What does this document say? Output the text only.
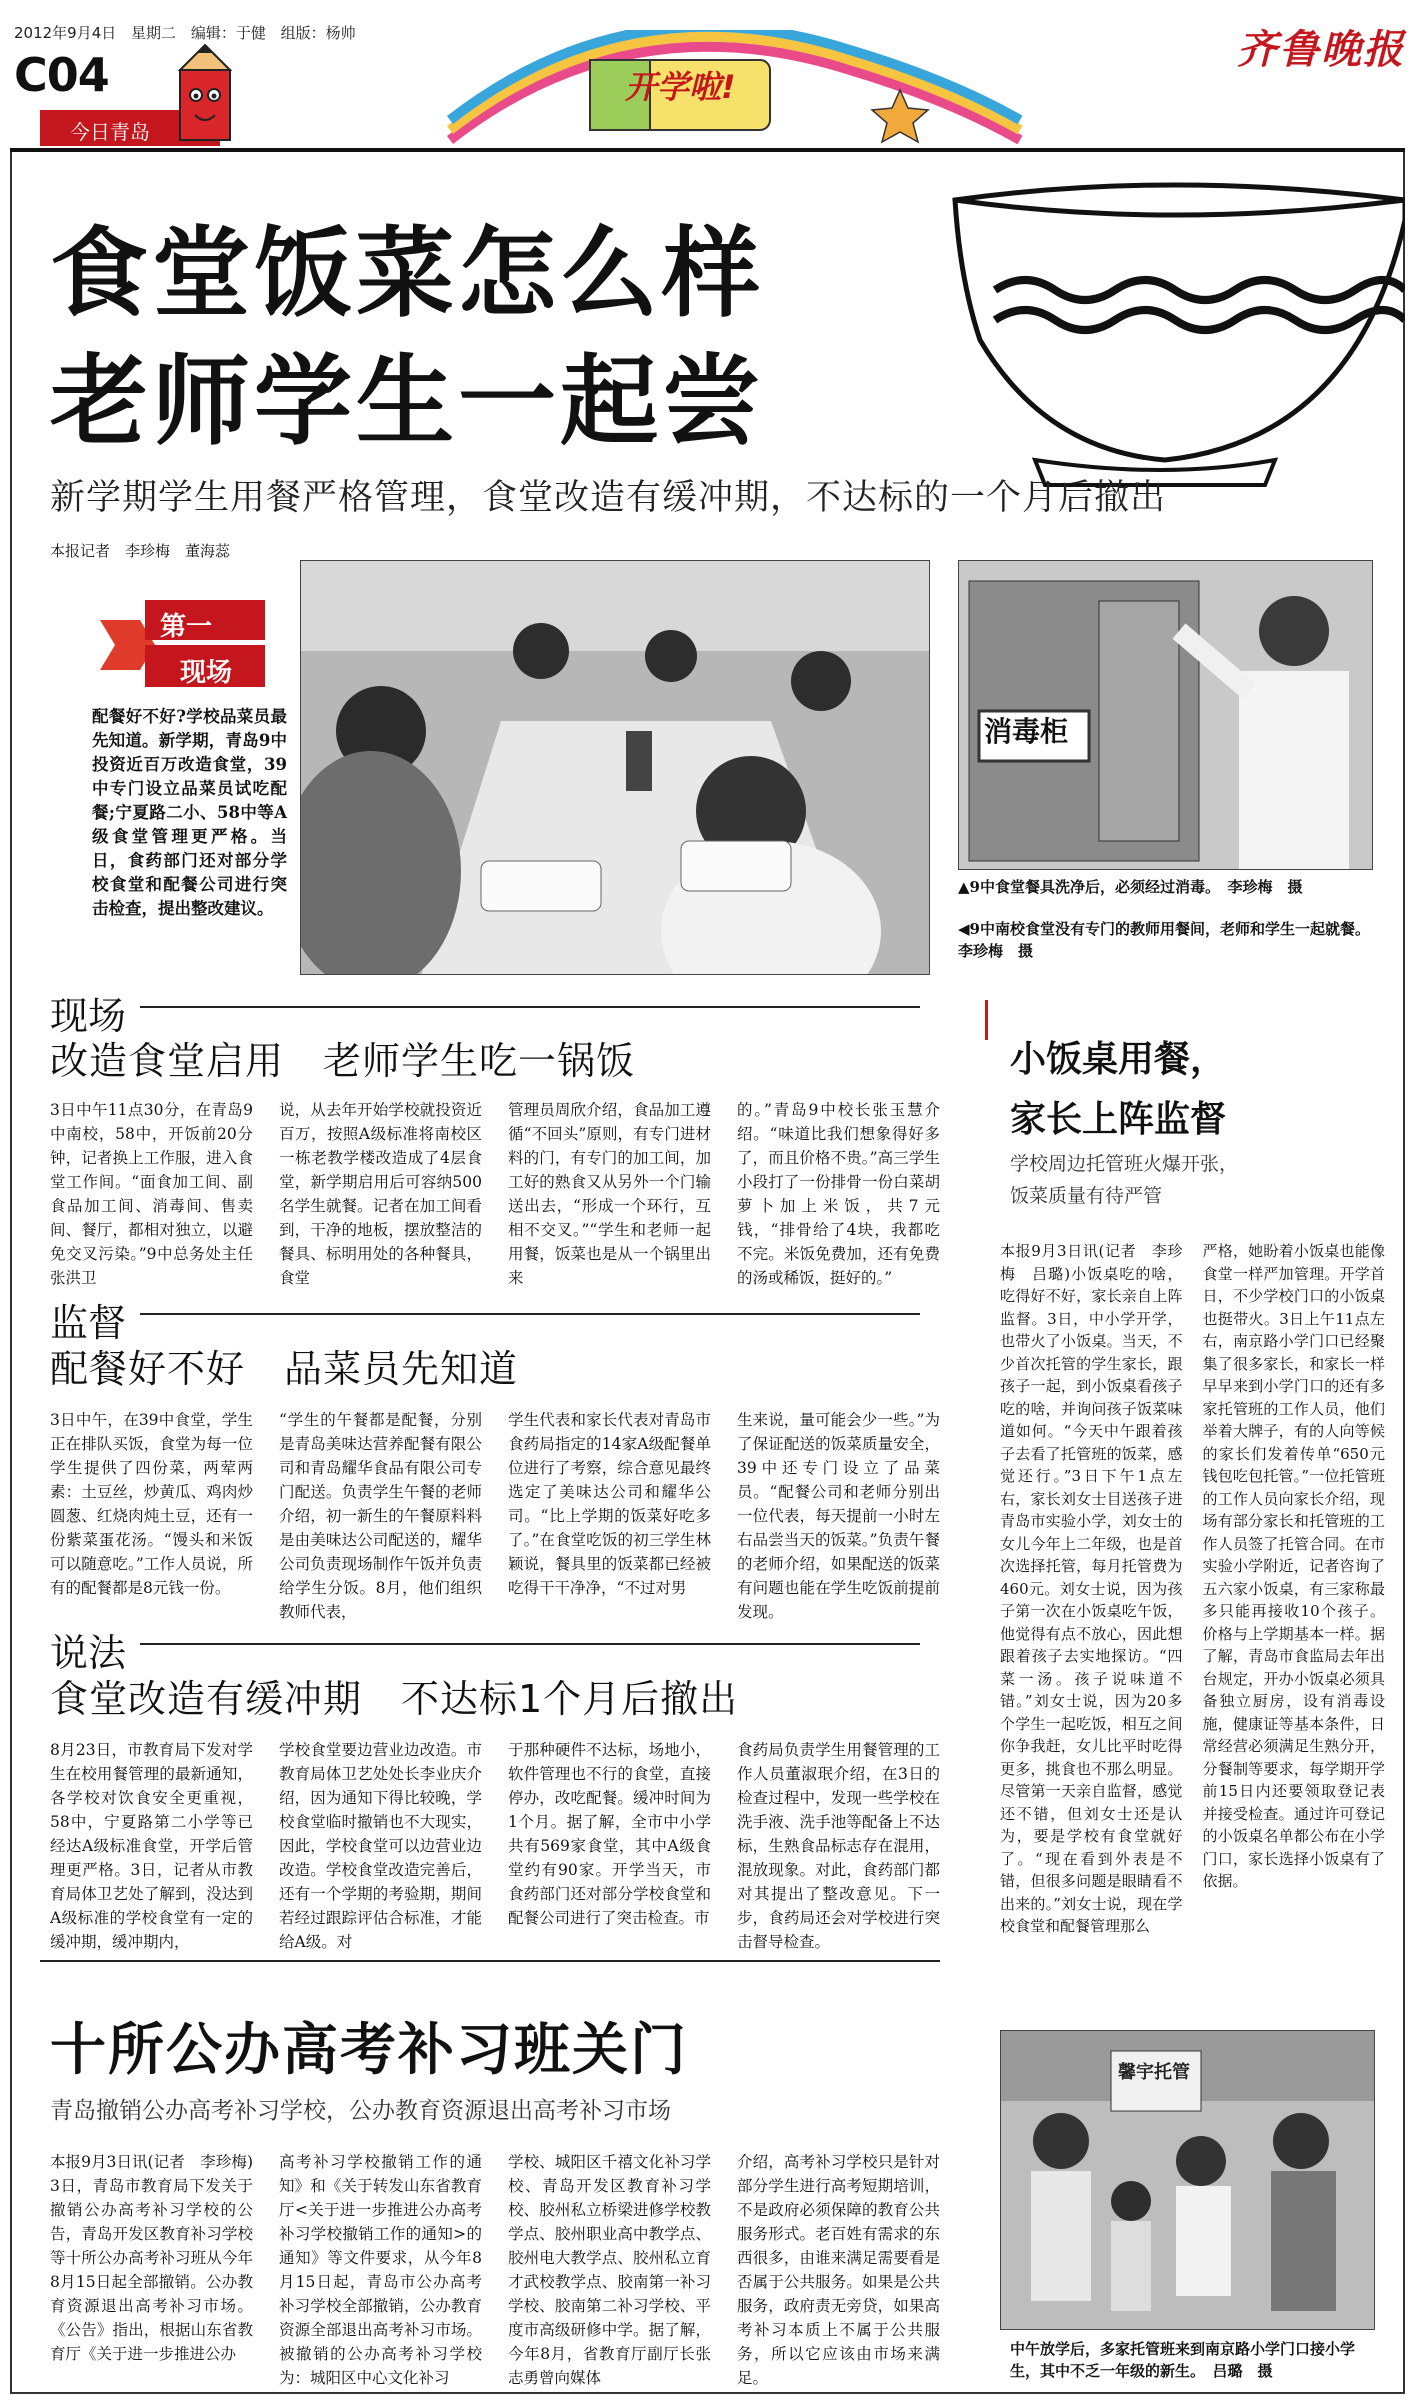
2012年9月4日 星期二 编辑：于健 组版：杨帅
C04
今日青岛
开学啦!
齐鲁晚报
食堂饭菜怎么样
老师学生一起尝
新学期学生用餐严格管理，食堂改造有缓冲期，不达标的一个月后撤出
本报记者　李珍梅　董海蕊
第一
现场
配餐好不好?学校品菜员最先知道。新学期，青岛9中投资近百万改造食堂，39中专门设立品菜员试吃配餐;宁夏路二小、58中等A级食堂管理更严格。当日，食药部门还对部分学校食堂和配餐公司进行突击检查，提出整改建议。
消毒柜
▲9中食堂餐具洗净后，必须经过消毒。　李珍梅　摄
◀9中南校食堂没有专门的教师用餐间，老师和学生一起就餐。　李珍梅　摄
现场
改造食堂启用　老师学生吃一锅饭
3日中午11点30分，在青岛9中南校，58中，开饭前20分钟，记者换上工作服，进入食堂工作间。“面食加工间、副食品加工间、消毒间、售卖间、餐厅，都相对独立，以避免交叉污染。”9中总务处主任张洪卫
说，从去年开始学校就投资近百万，按照A级标准将南校区一栋老教学楼改造成了4层食堂，新学期启用后可容纳500名学生就餐。记者在加工间看到，干净的地板，摆放整洁的餐具、标明用处的各种餐具，食堂
管理员周欣介绍，食品加工遵循“不回头”原则，有专门进材料的门，有专门的加工间，加工好的熟食又从另外一个门输送出去，“形成一个环行，互相不交叉。”“学生和老师一起用餐，饭菜也是从一个锅里出来
的。”青岛9中校长张玉慧介绍。“味道比我们想象得好多了，而且价格不贵。”高三学生小段打了一份排骨一份白菜胡萝卜加上米饭，共7元钱，“排骨给了4块，我都吃不完。米饭免费加，还有免费的汤或稀饭，挺好的。”
监督
配餐好不好　品菜员先知道
3日中午，在39中食堂，学生正在排队买饭，食堂为每一位学生提供了四份菜，两荤两素：土豆丝，炒黄瓜、鸡肉炒圆葱、红烧肉炖土豆，还有一份紫菜蛋花汤。“馒头和米饭可以随意吃。”工作人员说，所有的配餐都是8元钱一份。
“学生的午餐都是配餐，分别是青岛美味达营养配餐有限公司和青岛耀华食品有限公司专门配送。负责学生午餐的老师介绍，初一新生的午餐原料料是由美味达公司配送的，耀华公司负责现场制作午饭并负责给学生分饭。8月，他们组织教师代表，
学生代表和家长代表对青岛市食药局指定的14家A级配餐单位进行了考察，综合意见最终选定了美味达公司和耀华公司。“比上学期的饭菜好吃多了。”在食堂吃饭的初三学生林颖说，餐具里的饭菜都已经被吃得干干净净，“不过对男
生来说，量可能会少一些。”为了保证配送的饭菜质量安全，39中还专门设立了品菜员。“配餐公司和老师分别出一位代表，每天提前一小时左右品尝当天的饭菜。”负责午餐的老师介绍，如果配送的饭菜有问题也能在学生吃饭前提前发现。
说法
食堂改造有缓冲期　不达标1个月后撤出
8月23日，市教育局下发对学生在校用餐管理的最新通知，各学校对饮食安全更重视，58中，宁夏路第二小学等已经达A级标准食堂，开学后管理更严格。3日，记者从市教育局体卫艺处了解到，没达到A级标准的学校食堂有一定的缓冲期，缓冲期内，
学校食堂要边营业边改造。市教育局体卫艺处处长李业庆介绍，因为通知下得比较晚，学校食堂临时撤销也不大现实，因此，学校食堂可以边营业边改造。学校食堂改造完善后，还有一个学期的考验期，期间若经过跟踪评估合标准，才能给A级。对
于那种硬件不达标，场地小，软件管理也不行的食堂，直接停办，改吃配餐。缓冲时间为1个月。据了解，全市中小学共有569家食堂，其中A级食堂约有90家。开学当天，市食药部门还对部分学校食堂和配餐公司进行了突击检查。市
食药局负责学生用餐管理的工作人员董淑珉介绍，在3日的检查过程中，发现一些学校在洗手液、洗手池等配备上不达标，生熟食品标志存在混用，混放现象。对此，食药部门都对其提出了整改意见。下一步，食药局还会对学校进行突击督导检查。
小饭桌用餐，
家长上阵监督
学校周边托管班火爆开张，
饭菜质量有待严管
本报9月3日讯(记者　李珍梅　吕璐)小饭桌吃的啥，吃得好不好，家长亲自上阵监督。3日，中小学开学，也带火了小饭桌。当天，不少首次托管的学生家长，跟孩子一起，到小饭桌看孩子吃的啥，并询问孩子饭菜味道如何。“今天中午跟着孩子去看了托管班的饭菜，感觉还行。”3日下午1点左右，家长刘女士目送孩子进青岛市实验小学，刘女士的女儿今年上二年级，也是首次选择托管，每月托管费为460元。刘女士说，因为孩子第一次在小饭桌吃午饭，他觉得有点不放心，因此想跟着孩子去实地探访。“四菜一汤。孩子说味道不错。”刘女士说，因为20多个学生一起吃饭，相互之间你争我赶，女儿比平时吃得更多，挑食也不那么明显。尽管第一天亲自监督，感觉还不错，但刘女士还是认为，要是学校有食堂就好了。“现在看到外表是不错，但很多问题是眼睛看不出来的。”刘女士说，现在学校食堂和配餐管理那么
严格，她盼着小饭桌也能像食堂一样严加管理。开学首日，不少学校门口的小饭桌也挺带火。3日上午11点左右，南京路小学门口已经聚集了很多家长，和家长一样早早来到小学门口的还有多家托管班的工作人员，他们举着大牌子，有的人向等候的家长们发着传单“650元钱包吃包托管。”一位托管班的工作人员向家长介绍，现场有部分家长和托管班的工作人员签了托管合同。在市实验小学附近，记者咨询了五六家小饭桌，有三家称最多只能再接收10个孩子。价格与上学期基本一样。据了解，青岛市食监局去年出台规定，开办小饭桌必须具备独立厨房，设有消毒设施，健康证等基本条件，日常经营必须满足生熟分开，分餐制等要求，每学期开学前15日内还要领取登记表并接受检查。通过许可登记的小饭桌名单都公布在小学门口，家长选择小饭桌有了依据。
馨宇托管
中午放学后，多家托管班来到南京路小学门口接小学生，其中不乏一年级的新生。　吕璐　摄
十所公办高考补习班关门
青岛撤销公办高考补习学校，公办教育资源退出高考补习市场
本报9月3日讯(记者　李珍梅)　3日，青岛市教育局下发关于撤销公办高考补习学校的公告，青岛开发区教育补习学校等十所公办高考补习班从今年8月15日起全部撤销。公办教育资源退出高考补习市场。《公告》指出，根据山东省教育厅《关于进一步推进公办
高考补习学校撤销工作的通知》和《关于转发山东省教育厅<关于进一步推进公办高考补习学校撤销工作的通知>的通知》等文件要求，从今年8月15日起，青岛市公办高考补习学校全部撤销，公办教育资源全部退出高考补习市场。被撤销的公办高考补习学校为：城阳区中心文化补习
学校、城阳区千禧文化补习学校、青岛开发区教育补习学校、胶州私立桥梁进修学校教学点、胶州职业高中教学点、胶州电大教学点、胶州私立育才武校教学点、胶南第一补习学校、胶南第二补习学校、平度市高级研修中学。据了解，今年8月，省教育厅副厅长张志勇曾向媒体
介绍，高考补习学校只是针对部分学生进行高考短期培训，不是政府必须保障的教育公共服务形式。老百姓有需求的东西很多，由谁来满足需要看是否属于公共服务。如果是公共服务，政府责无旁贷，如果高考补习本质上不属于公共服务，所以它应该由市场来满足。
